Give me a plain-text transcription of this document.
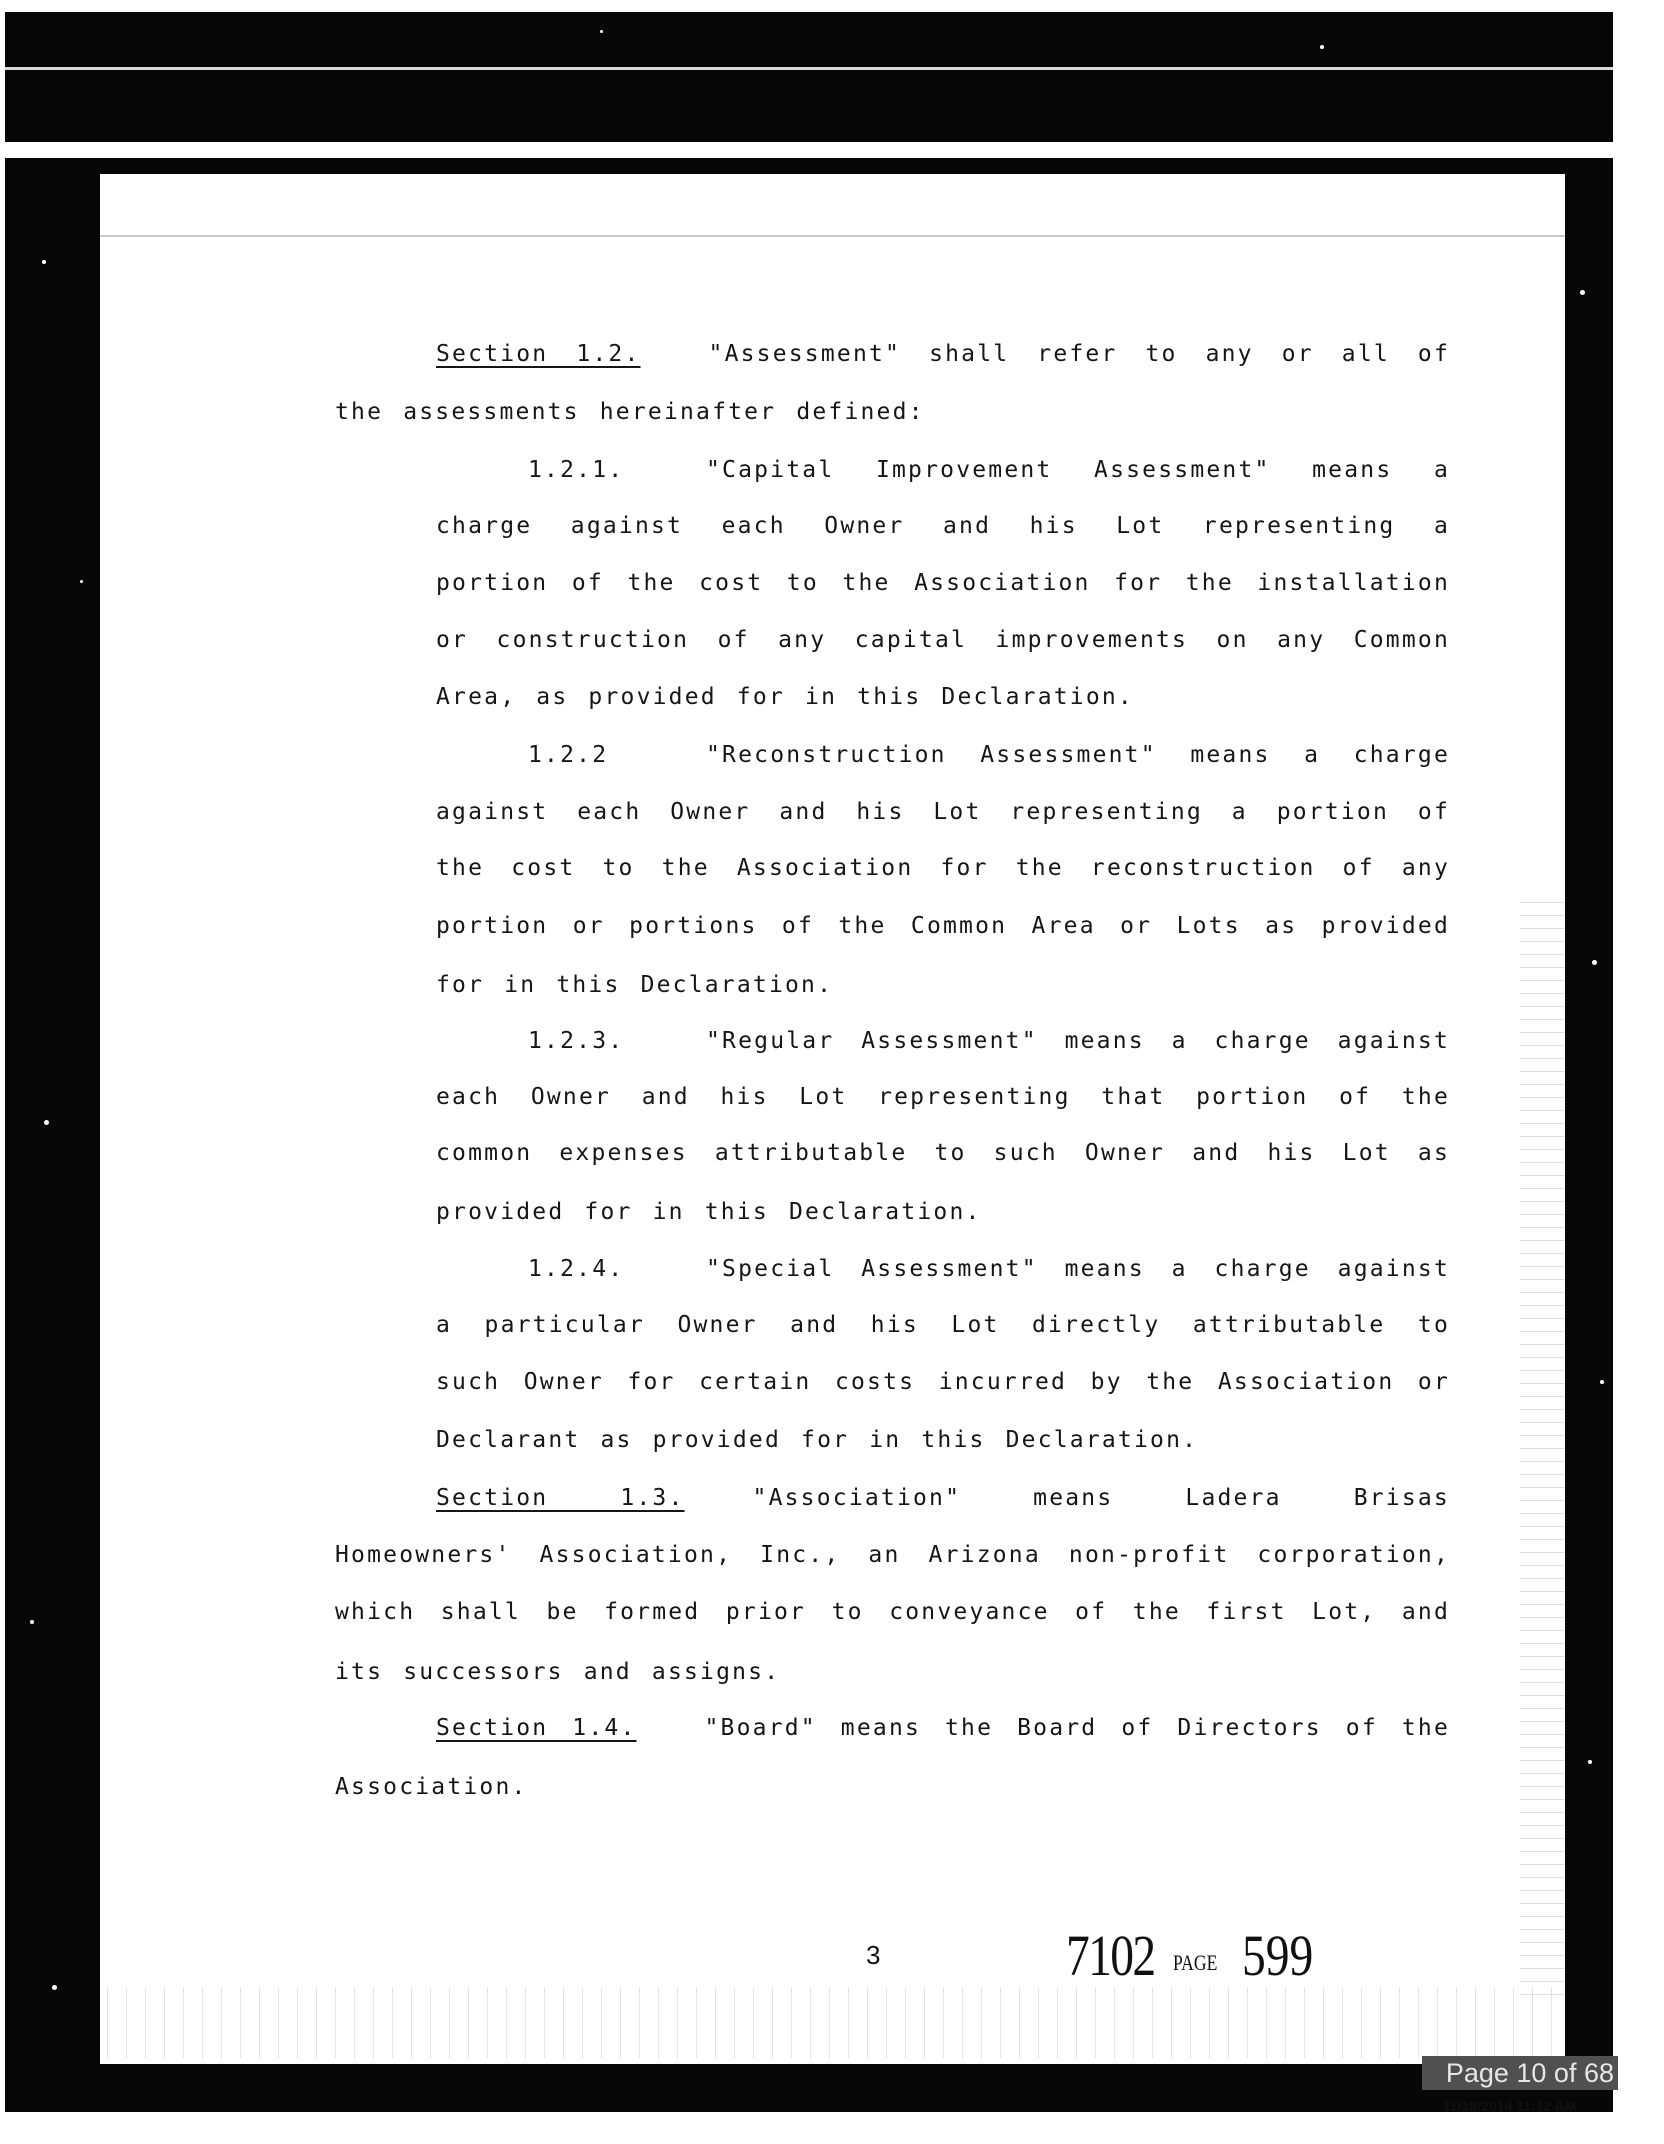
Section 1.2.	"Assessment" shall refer to any or all of
the assessments hereinafter defined:
1.2.1.	"Capital Improvement Assessment" means a
charge against each Owner and his Lot representing a
portion of the cost to the Association for the installation
or construction of any capital improvements on any Common
Area, as provided for in this Declaration.
1.2.2	"Reconstruction Assessment" means a charge
against each Owner and his Lot representing a portion of
the cost to the Association for the reconstruction of any
portion or portions of the Common Area or Lots as provided
for in this Declaration.
1.2.3.	"Regular Assessment" means a charge against
each Owner and his Lot representing that portion of the
common expenses attributable to such Owner and his Lot as
provided for in this Declaration.
1.2.4.	"Special Assessment" means a charge against
a particular Owner and his Lot directly attributable to
such Owner for certain costs incurred by the Association or
Declarant as provided for in this Declaration.
Section 1.3.	"Association" means Ladera Brisas
Homeowners' Association, Inc., an Arizona non-profit corporation,
which shall be formed prior to conveyance of the first Lot, and
its successors and assigns.
Section 1.4.	"Board" means the Board of Directors of the
Association.
3	7102 PAGE 599
Page 10 of 68
11/18/2014 11:12 AM
